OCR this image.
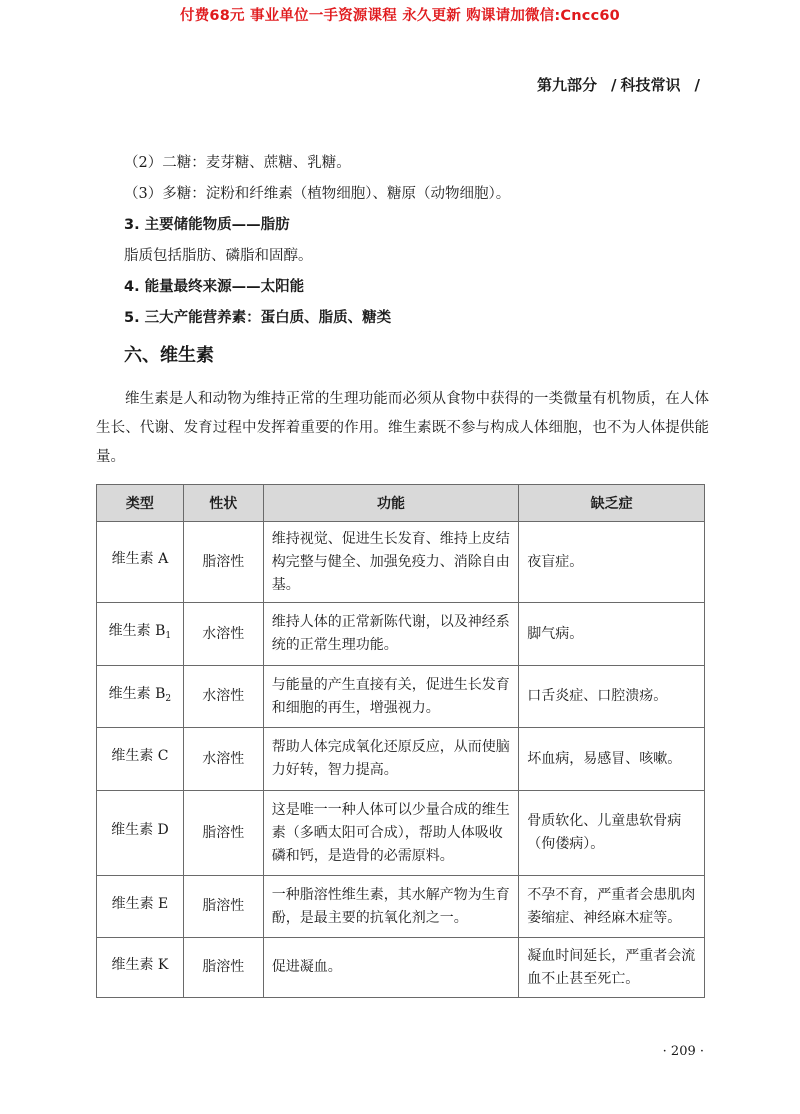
付费68元 事业单位一手资源课程 永久更新 购课请加微信:Cncc60
第九部分 / 科技常识 /
（2）二糖：麦芽糖、蔗糖、乳糖。
（3）多糖：淀粉和纤维素（植物细胞）、糖原（动物细胞）。
3. 主要储能物质——脂肪
脂质包括脂肪、磷脂和固醇。
4. 能量最终来源——太阳能
5. 三大产能营养素：蛋白质、脂质、糖类
六、维生素
维生素是人和动物为维持正常的生理功能而必须从食物中获得的一类微量有机物质，在人体生长、代谢、发育过程中发挥着重要的作用。维生素既不参与构成人体细胞，也不为人体提供能量。
类型	性状	功能	缺乏症
维生素 A	脂溶性	维持视觉、促进生长发育、维持上皮结构完整与健全、加强免疫力、消除自由基。	夜盲症。
维生素 $B_1$	水溶性	维持人体的正常新陈代谢，以及神经系统的正常生理功能。	脚气病。
维生素 $B_2$	水溶性	与能量的产生直接有关，促进生长发育和细胞的再生，增强视力。	口舌炎症、口腔溃疡。
维生素 C	水溶性	帮助人体完成氧化还原反应，从而使脑力好转，智力提高。	坏血病，易感冒、咳嗽。
维生素 D	脂溶性	这是唯一一种人体可以少量合成的维生素（多晒太阳可合成），帮助人体吸收磷和钙，是造骨的必需原料。	骨质软化、儿童患软骨病（佝偻病）。
维生素 E	脂溶性	一种脂溶性维生素，其水解产物为生育酚，是最主要的抗氧化剂之一。	不孕不育，严重者会患肌肉萎缩症、神经麻木症等。
维生素 K	脂溶性	促进凝血。	凝血时间延长，严重者会流血不止甚至死亡。
· 209 ·
